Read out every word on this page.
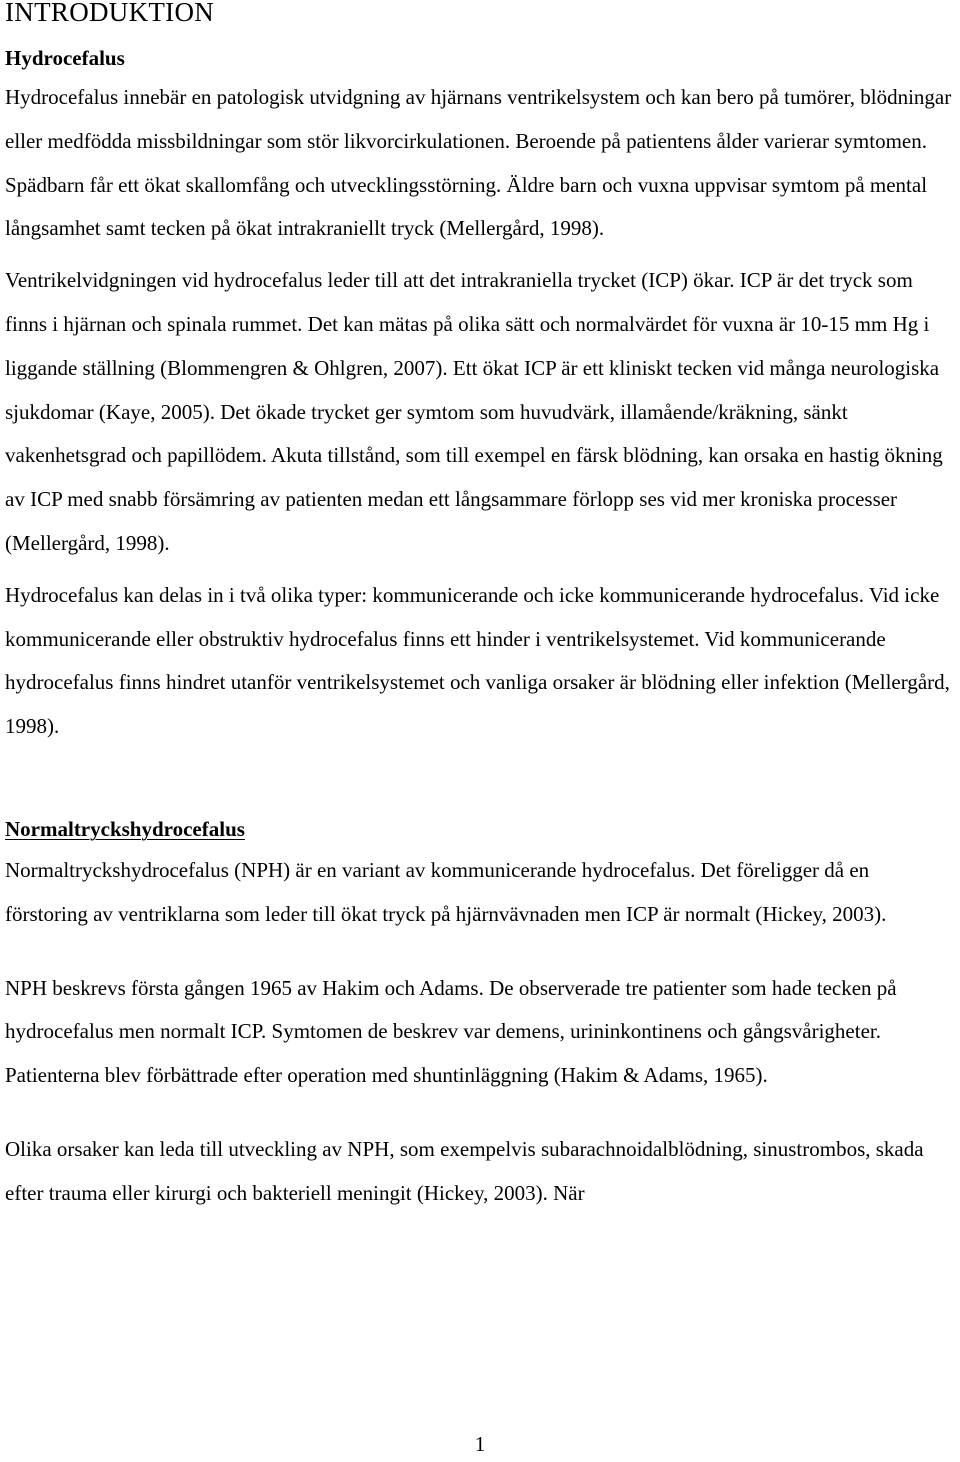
INTRODUKTION
Hydrocefalus

Hydrocefalus innebär en patologisk utvidgning av hjärnans ventrikelsystem och kan bero på tumörer, blödningar eller medfödda missbildningar som stör likvorcirkulationen. Beroende på patientens ålder varierar symtomen. Spädbarn får ett ökat skallomfång och utvecklingsstörning. Äldre barn och vuxna uppvisar symtom på mental långsamhet samt tecken på ökat intrakraniellt tryck (Mellergård, 1998).

Ventrikelvidgningen vid hydrocefalus leder till att det intrakraniella trycket (ICP) ökar. ICP är det tryck som finns i hjärnan och spinala rummet. Det kan mätas på olika sätt och normalvärdet för vuxna är 10-15 mm Hg i liggande ställning (Blommengren & Ohlgren, 2007). Ett ökat ICP är ett kliniskt tecken vid många neurologiska sjukdomar (Kaye, 2005). Det ökade trycket ger symtom som huvudvärk, illamående/kräkning, sänkt vakenhetsgrad och papillödem. Akuta tillstånd, som till exempel en färsk blödning, kan orsaka en hastig ökning av ICP med snabb försämring av patienten medan ett långsammare förlopp ses vid mer kroniska processer (Mellergård, 1998).

Hydrocefalus kan delas in i två olika typer: kommunicerande och icke kommunicerande hydrocefalus. Vid icke kommunicerande eller obstruktiv hydrocefalus finns ett hinder i ventrikelsystemet. Vid kommunicerande hydrocefalus finns hindret utanför ventrikelsystemet och vanliga orsaker är blödning eller infektion (Mellergård, 1998).

Normaltryckshydrocefalus

Normaltryckshydrocefalus (NPH) är en variant av kommunicerande hydrocefalus. Det föreligger då en förstoring av ventriklarna som leder till ökat tryck på hjärnvävnaden men ICP är normalt (Hickey, 2003).

NPH beskrevs första gången 1965 av Hakim och Adams. De observerade tre patienter som hade tecken på hydrocefalus men normalt ICP. Symtomen de beskrev var demens, urininkontinens och gångsvårigheter. Patienterna blev förbättrade efter operation med shuntinläggning (Hakim & Adams, 1965).

Olika orsaker kan leda till utveckling av NPH, som exempelvis subarachnoidalblödning, sinustrombos, skada efter trauma eller kirurgi och bakteriell meningit (Hickey, 2003). När

1
